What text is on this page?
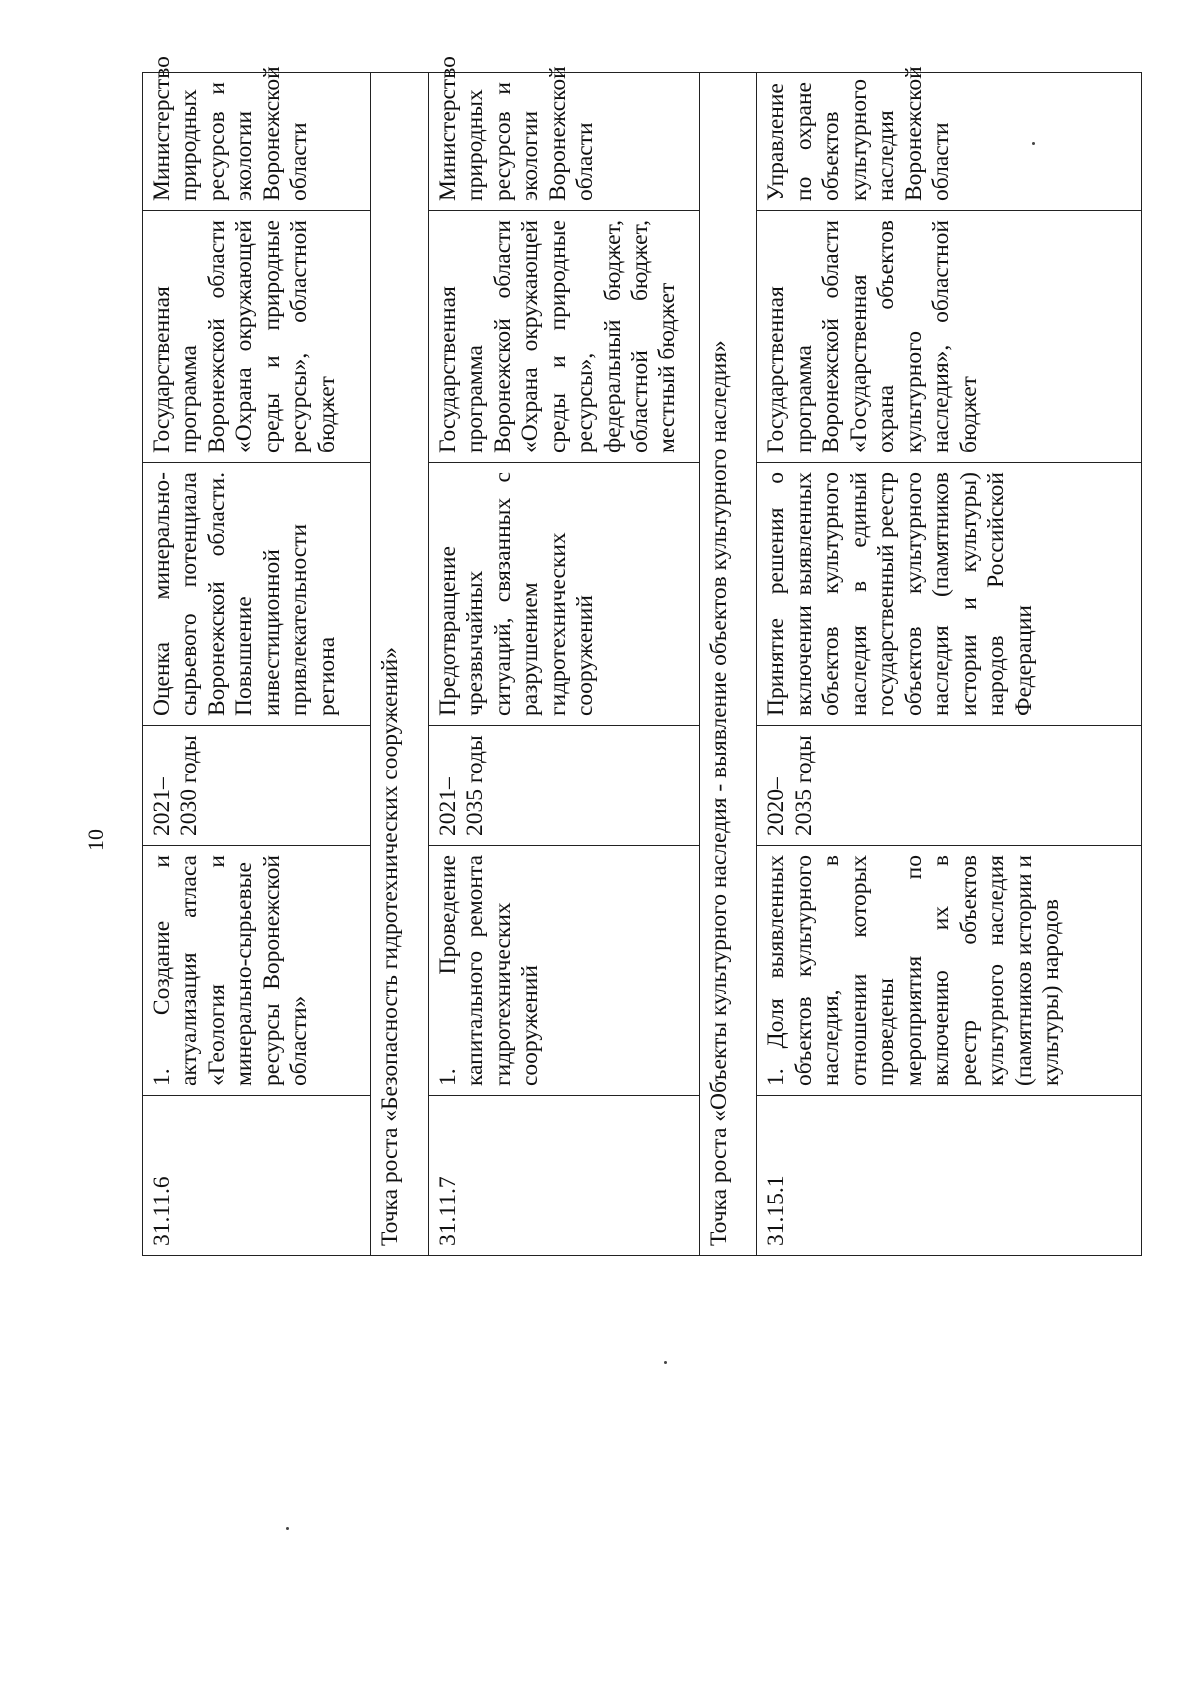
10
31.11.6	1. Создание и актуализация атласа «Геология и минерально-сырьевые ресурсы Воронежской области»	2021–2030 годы	Оценка минерально-сырьевого потенциала Воронежской области. Повышение инвестиционной привлекательности региона	Государственная программа Воронежской области «Охрана окружающей среды и природные ресурсы», областной бюджет	Министерство природных ресурсов и экологии Воронежской области
Точка роста «Безопасность гидротехнических сооружений»					
31.11.7	1. Проведение капитального ремонта гидротехнических сооружений	2021–2035 годы	Предотвращение чрезвычайных ситуаций, связанных с разрушением гидротехнических сооружений	Государственная программа Воронежской области «Охрана окружающей среды и природные ресурсы», федеральный бюджет, областной бюджет, местный бюджет	Министерство природных ресурсов и экологии Воронежской области
Точка роста «Объекты культурного наследия - выявление объектов культурного наследия»					
31.15.1	1. Доля выявленных объектов культурного наследия, в отношении которых проведены мероприятия по включению их в реестр объектов культурного наследия (памятников истории и культуры) народов	2020–2035 годы	Принятие решения о включении выявленных объектов культурного наследия в единый государственный реестр объектов культурного наследия (памятников истории и культуры) народов Российской Федерации	Государственная программа Воронежской области «Государственная охрана объектов культурного наследия», областной бюджет	Управление по охране объектов культурного наследия Воронежской области
